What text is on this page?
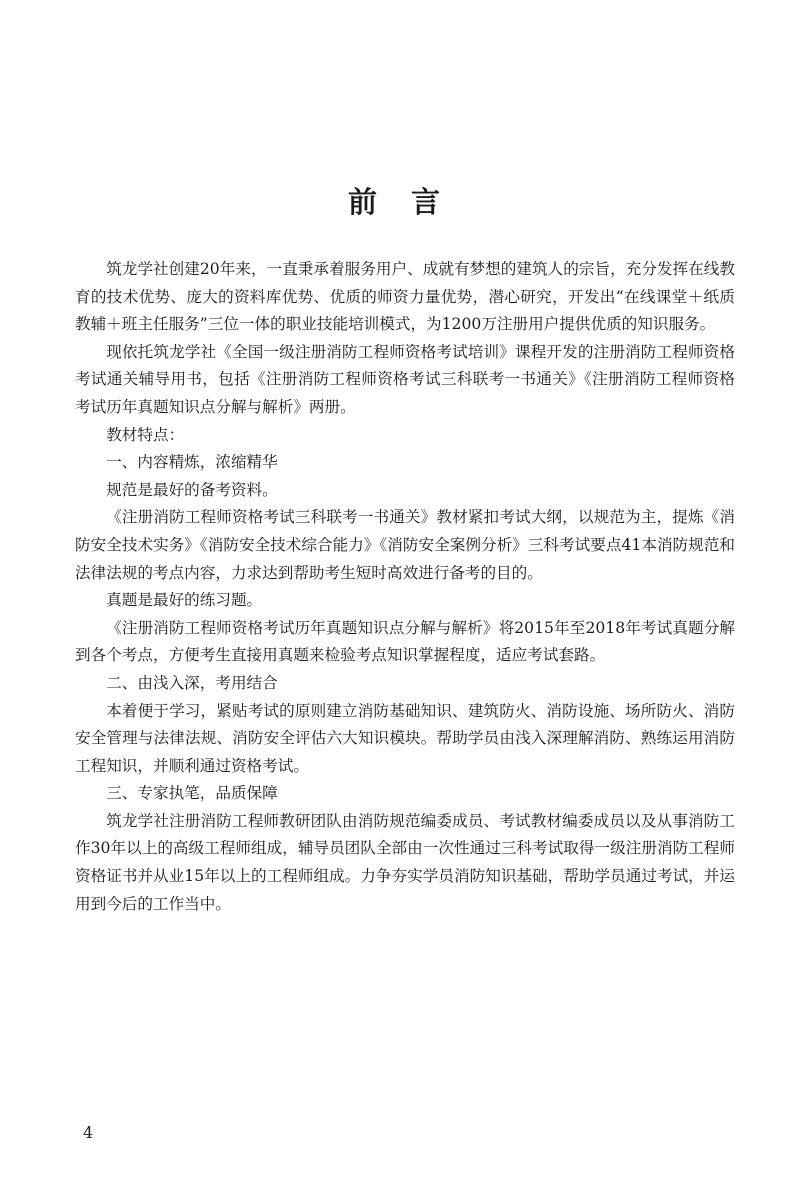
前 言

筑龙学社创建20年来，一直秉承着服务用户、成就有梦想的建筑人的宗旨，充分发挥在线教育的技术优势、庞大的资料库优势、优质的师资力量优势，潜心研究，开发出“在线课堂＋纸质教辅＋班主任服务”三位一体的职业技能培训模式，为1200万注册用户提供优质的知识服务。

现依托筑龙学社《全国一级注册消防工程师资格考试培训》课程开发的注册消防工程师资格考试通关辅导用书，包括《注册消防工程师资格考试三科联考一书通关》《注册消防工程师资格考试历年真题知识点分解与解析》两册。

教材特点：

一、内容精炼，浓缩精华

规范是最好的备考资料。

《注册消防工程师资格考试三科联考一书通关》教材紧扣考试大纲，以规范为主，提炼《消防安全技术实务》《消防安全技术综合能力》《消防安全案例分析》三科考试要点41本消防规范和法律法规的考点内容，力求达到帮助考生短时高效进行备考的目的。

真题是最好的练习题。

《注册消防工程师资格考试历年真题知识点分解与解析》将2015年至2018年考试真题分解到各个考点，方便考生直接用真题来检验考点知识掌握程度，适应考试套路。

二、由浅入深，考用结合

本着便于学习，紧贴考试的原则建立消防基础知识、建筑防火、消防设施、场所防火、消防安全管理与法律法规、消防安全评估六大知识模块。帮助学员由浅入深理解消防、熟练运用消防工程知识，并顺利通过资格考试。

三、专家执笔，品质保障

筑龙学社注册消防工程师教研团队由消防规范编委成员、考试教材编委成员以及从事消防工作30年以上的高级工程师组成，辅导员团队全部由一次性通过三科考试取得一级注册消防工程师资格证书并从业15年以上的工程师组成。力争夯实学员消防知识基础，帮助学员通过考试，并运用到今后的工作当中。

4
